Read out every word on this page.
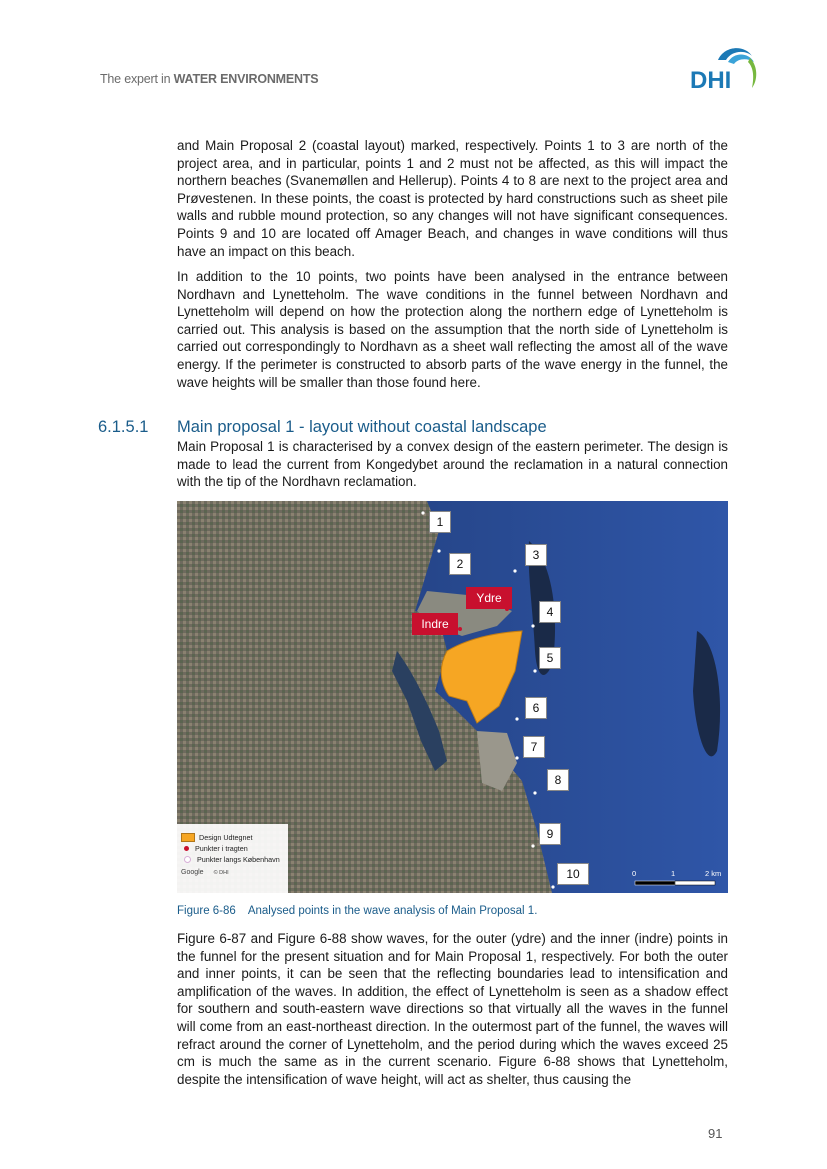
The expert in WATER ENVIRONMENTS	DHI
and Main Proposal 2 (coastal layout) marked, respectively. Points 1 to 3 are north of the project area, and in particular, points 1 and 2 must not be affected, as this will impact the northern beaches (Svanemøllen and Hellerup). Points 4 to 8 are next to the project area and Prøvestenen. In these points, the coast is protected by hard constructions such as sheet pile walls and rubble mound protection, so any changes will not have significant consequences. Points 9 and 10 are located off Amager Beach, and changes in wave conditions will thus have an impact on this beach.
In addition to the 10 points, two points have been analysed in the entrance between Nordhavn and Lynetteholm. The wave conditions in the funnel between Nordhavn and Lynetteholm will depend on how the protection along the northern edge of Lynetteholm is carried out. This analysis is based on the assumption that the north side of Lynetteholm is carried out correspondingly to Nordhavn as a sheet wall reflecting the amost all of the wave energy. If the perimeter is constructed to absorb parts of the wave energy in the funnel, the wave heights will be smaller than those found here.
6.1.5.1 Main proposal 1 - layout without coastal landscape
Main Proposal 1 is characterised by a convex design of the eastern perimeter. The design is made to lead the current from Kongedybet around the reclamation in a natural connection with the tip of the Nordhavn reclamation.
1
2
3
4
5
6
7
8
9
10
Ydre
Indre
Design Udtegnet
Punkter i tragten
Punkter langs København
Google © DHI	0	1	2 km
Figure 6-86 Analysed points in the wave analysis of Main Proposal 1.
Figure 6-87 and Figure 6-88 show waves, for the outer (ydre) and the inner (indre) points in the funnel for the present situation and for Main Proposal 1, respectively. For both the outer and inner points, it can be seen that the reflecting boundaries lead to intensification and amplification of the waves. In addition, the effect of Lynetteholm is seen as a shadow effect for southern and south-eastern wave directions so that virtually all the waves in the funnel will come from an east-northeast direction. In the outermost part of the funnel, the waves will refract around the corner of Lynetteholm, and the period during which the waves exceed 25 cm is much the same as in the current scenario. Figure 6-88 shows that Lynetteholm, despite the intensification of wave height, will act as shelter, thus causing the
91
